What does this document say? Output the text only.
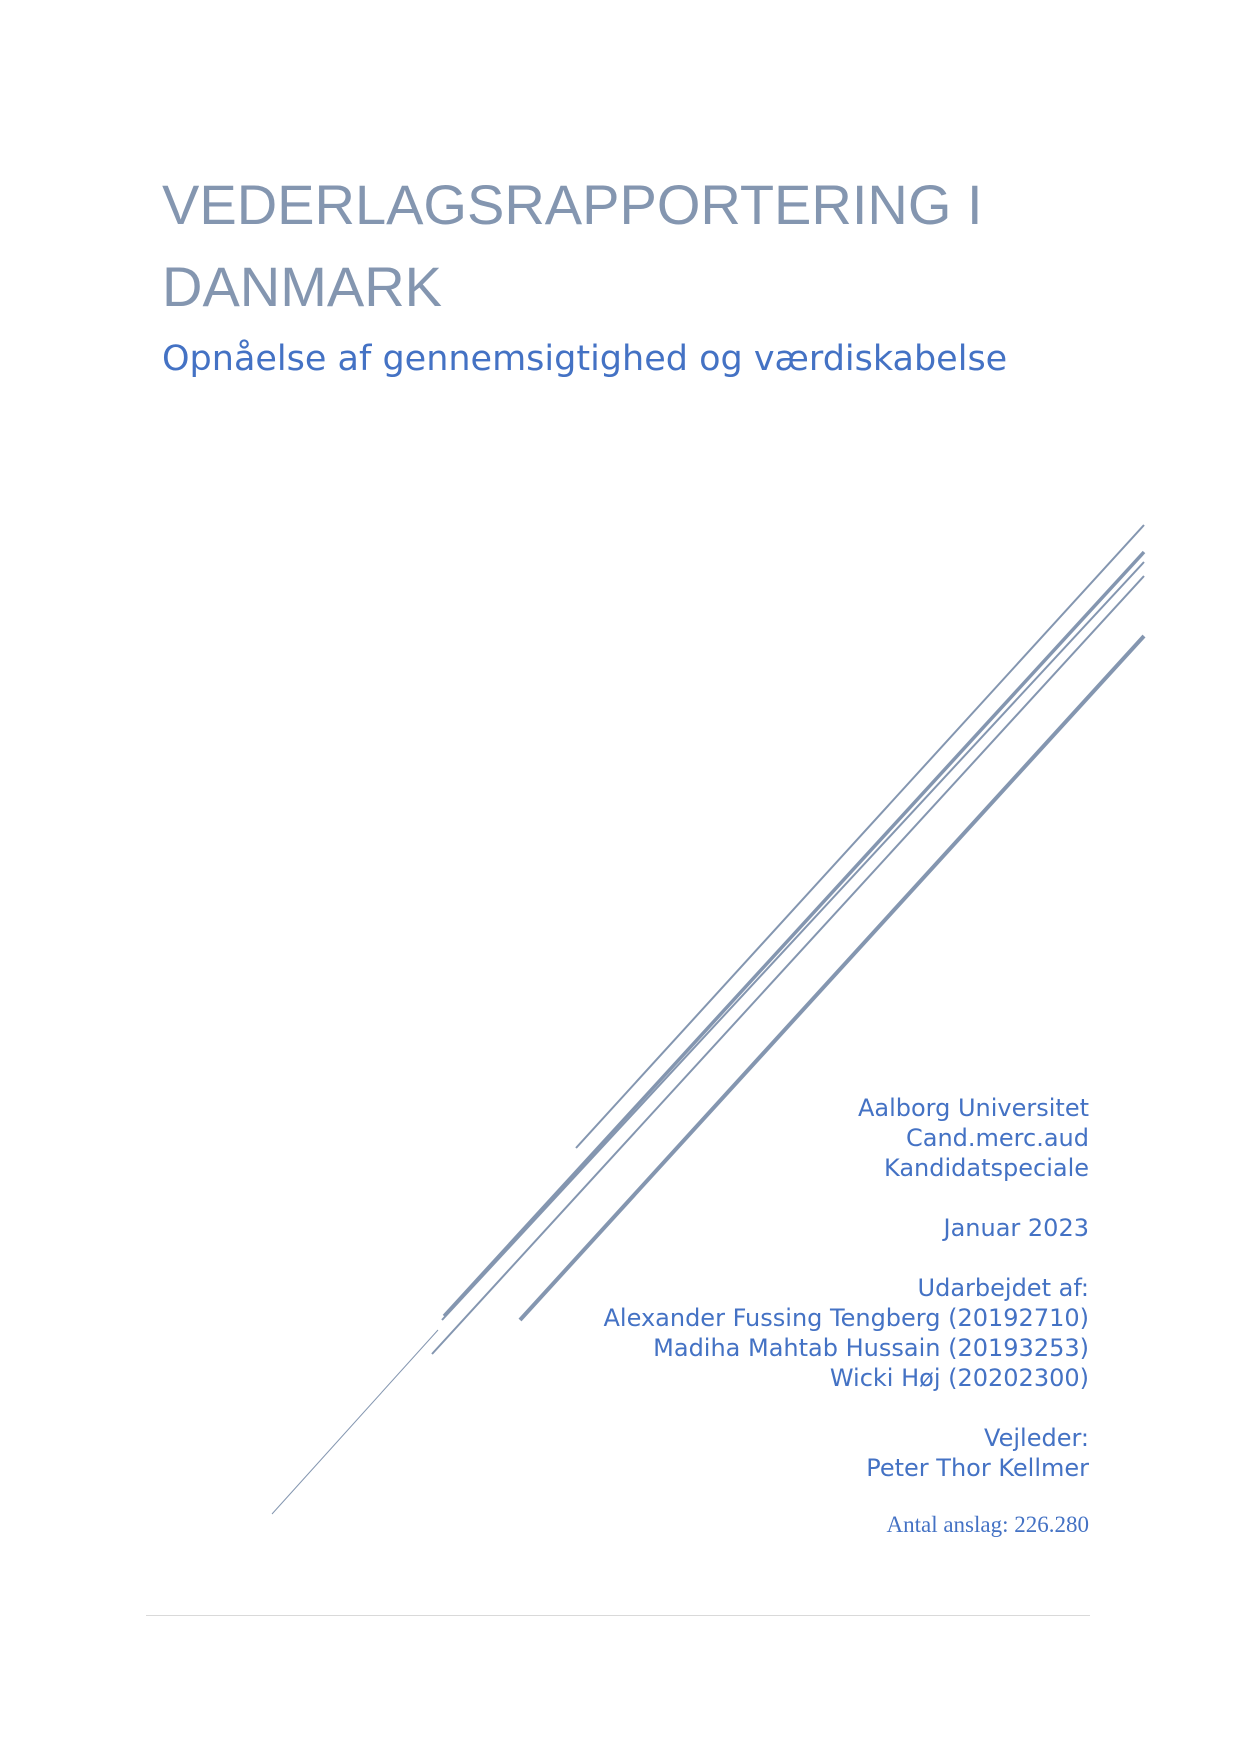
VEDERLAGSRAPPORTERING I
DANMARK

Opnåelse af gennemsigtighed og værdiskabelse

Aalborg Universitet
Cand.merc.aud
Kandidatspeciale
Januar 2023
Udarbejdet af:
Alexander Fussing Tengberg (20192710)
Madiha Mahtab Hussain (20193253)
Wicki Høj (20202300)
Vejleder:
Peter Thor Kellmer
Antal anslag: 226.280
